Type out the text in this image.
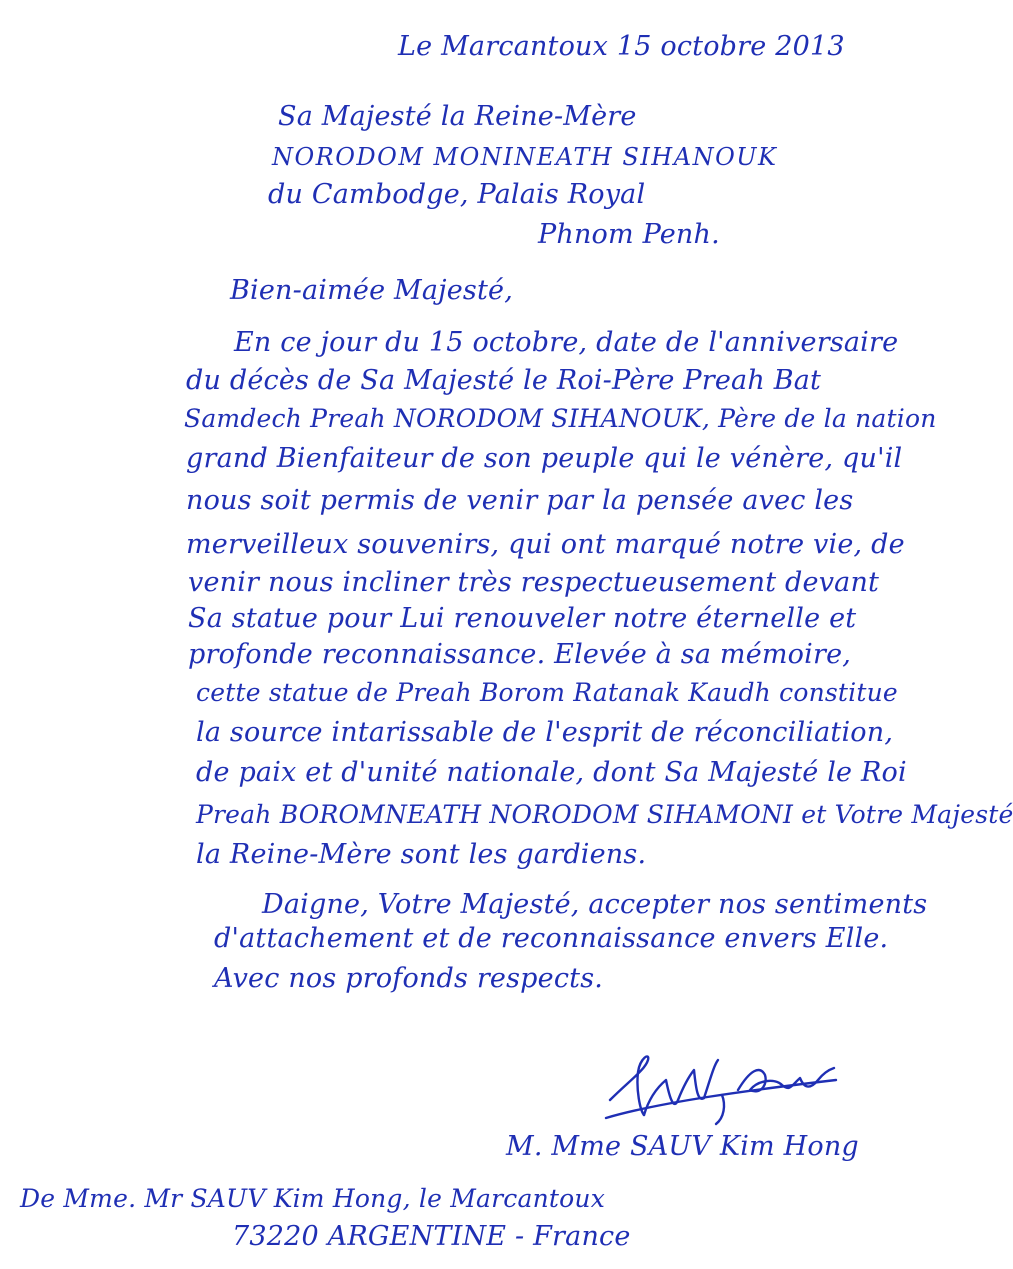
Le Marcantoux 15 octobre 2013
Sa Majesté la Reine-Mère
NORODOM MONINEATH SIHANOUK
du Cambodge, Palais Royal
Phnom Penh.
Bien-aimée Majesté,
En ce jour du 15 octobre, date de l'anniversaire
du décès de Sa Majesté le Roi-Père Preah Bat
Samdech Preah NORODOM SIHANOUK, Père de la nation
grand Bienfaiteur de son peuple qui le vénère, qu'il
nous soit permis de venir par la pensée avec les
merveilleux souvenirs, qui ont marqué notre vie, de
venir nous incliner très respectueusement devant
Sa statue pour Lui renouveler notre éternelle et
profonde reconnaissance. Elevée à sa mémoire,
cette statue de Preah Borom Ratanak Kaudh constitue
la source intarissable de l'esprit de réconciliation,
de paix et d'unité nationale, dont Sa Majesté le Roi
Preah BOROMNEATH NORODOM SIHAMONI et Votre Majesté
la Reine-Mère sont les gardiens.
Daigne, Votre Majesté, accepter nos sentiments
d'attachement et de reconnaissance envers Elle.
Avec nos profonds respects.
M. Mme SAUV Kim Hong
De Mme. Mr SAUV Kim Hong, le Marcantoux
73220 ARGENTINE - France
